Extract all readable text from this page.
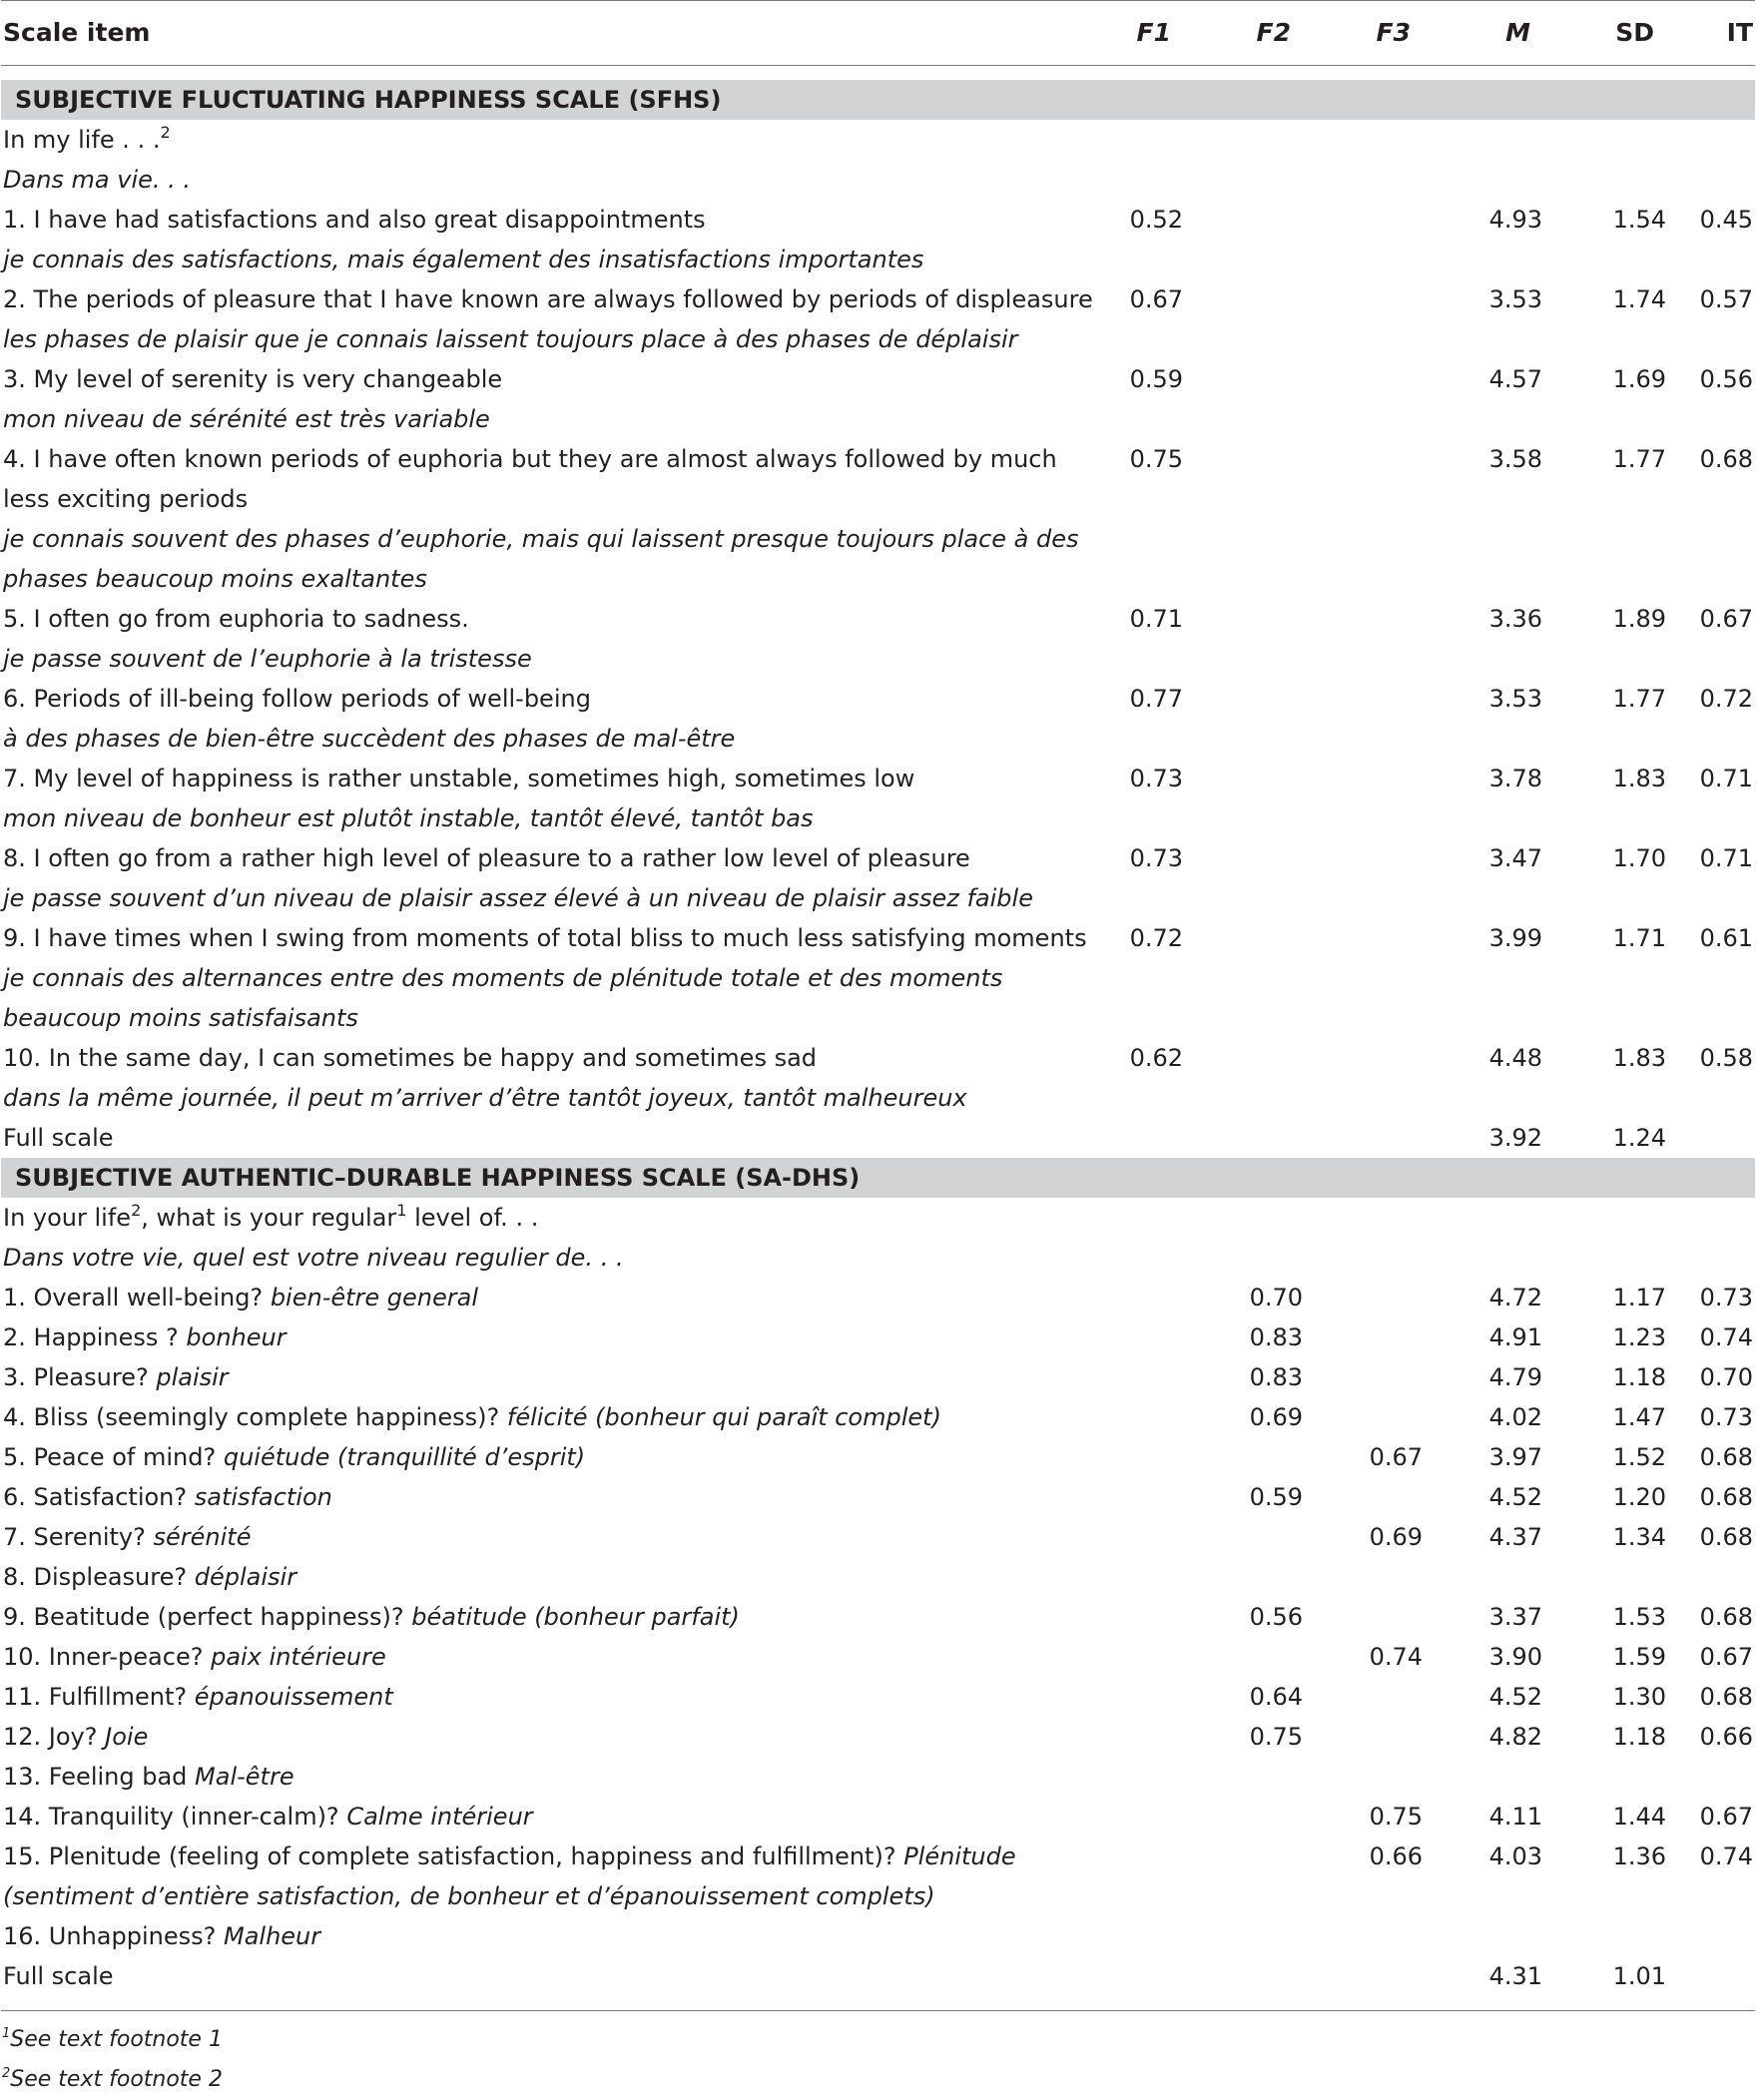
Scale item	F1	F2	F3	M	SD	IT

SUBJECTIVE FLUCTUATING HAPPINESS SCALE (SFHS)						
In my life . . .$^2$
Dans ma vie. . .						
1. I have had satisfactions and also great disappointments	0.52			4.93	1.54	0.45
je connais des satisfactions, mais également des insatisfactions importantes						
2. The periods of pleasure that I have known are always followed by periods of displeasure	0.67			3.53	1.74	0.57
les phases de plaisir que je connais laissent toujours place à des phases de déplaisir						
3. My level of serenity is very changeable	0.59			4.57	1.69	0.56
mon niveau de sérénité est très variable						
4. I have often known periods of euphoria but they are almost always followed by much	0.75			3.58	1.77	0.68
less exciting periods						
je connais souvent des phases d’euphorie, mais qui laissent presque toujours place à des						
phases beaucoup moins exaltantes						
5. I often go from euphoria to sadness.	0.71			3.36	1.89	0.67
je passe souvent de l’euphorie à la tristesse						
6. Periods of ill-being follow periods of well-being	0.77			3.53	1.77	0.72
à des phases de bien-être succèdent des phases de mal-être						
7. My level of happiness is rather unstable, sometimes high, sometimes low	0.73			3.78	1.83	0.71
mon niveau de bonheur est plutôt instable, tantôt élevé, tantôt bas						
8. I often go from a rather high level of pleasure to a rather low level of pleasure	0.73			3.47	1.70	0.71
je passe souvent d’un niveau de plaisir assez élevé à un niveau de plaisir assez faible						
9. I have times when I swing from moments of total bliss to much less satisfying moments	0.72			3.99	1.71	0.61
je connais des alternances entre des moments de plénitude totale et des moments						
beaucoup moins satisfaisants						
10. In the same day, I can sometimes be happy and sometimes sad	0.62			4.48	1.83	0.58
dans la même journée, il peut m’arriver d’être tantôt joyeux, tantôt malheureux						
Full scale				3.92	1.24	
SUBJECTIVE AUTHENTIC–DURABLE HAPPINESS SCALE (SA-DHS)						
In your life$^2$, what is your regular$^1$ level of. . .						
Dans votre vie, quel est votre niveau regulier de. . .						
1. Overall well-being? bien-être general		0.70		4.72	1.17	0.73
2. Happiness ? bonheur		0.83		4.91	1.23	0.74
3. Pleasure? plaisir		0.83		4.79	1.18	0.70
4. Bliss (seemingly complete happiness)? félicité (bonheur qui paraît complet)		0.69		4.02	1.47	0.73
5. Peace of mind? quiétude (tranquillité d’esprit)			0.67	3.97	1.52	0.68
6. Satisfaction? satisfaction		0.59		4.52	1.20	0.68
7. Serenity? sérénité			0.69	4.37	1.34	0.68
8. Displeasure? déplaisir						
9. Beatitude (perfect happiness)? béatitude (bonheur parfait)		0.56		3.37	1.53	0.68
10. Inner-peace? paix intérieure			0.74	3.90	1.59	0.67
11. Fulfillment? épanouissement		0.64		4.52	1.30	0.68
12. Joy? Joie		0.75		4.82	1.18	0.66
13. Feeling bad Mal-être						
14. Tranquility (inner-calm)? Calme intérieur			0.75	4.11	1.44	0.67
15. Plenitude (feeling of complete satisfaction, happiness and fulfillment)? Plénitude			0.66	4.03	1.36	0.74
(sentiment d’entière satisfaction, de bonheur et d’épanouissement complets)						
16. Unhappiness? Malheur						
Full scale				4.31	1.01	

$^1$See text footnote 1
$^2$See text footnote 2
